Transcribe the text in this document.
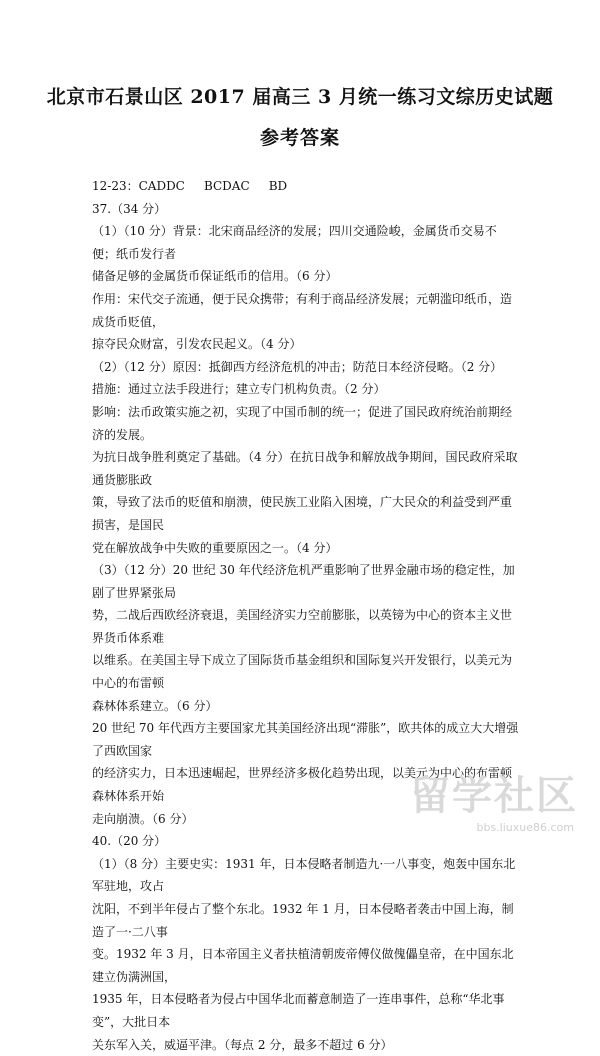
北京市石景山区 2017 届高三 3 月统一练习文综历史试题
参考答案

12-23：CADDC     BCDAC     BD

37.（34 分）

（1）（10 分）背景：北宋商品经济的发展；四川交通险峻，金属货币交易不便；纸币发行者

储备足够的金属货币保证纸币的信用。（6 分）

作用：宋代交子流通，便于民众携带；有利于商品经济发展；元朝滥印纸币，造成货币贬值，

掠夺民众财富，引发农民起义。（4 分）

（2）（12 分）原因：抵御西方经济危机的冲击；防范日本经济侵略。（2 分）

措施：通过立法手段进行；建立专门机构负责。（2 分）

影响：法币政策实施之初，实现了中国币制的统一；促进了国民政府统治前期经济的发展。

为抗日战争胜利奠定了基础。（4 分）在抗日战争和解放战争期间，国民政府采取通货膨胀政

策，导致了法币的贬值和崩溃，使民族工业陷入困境，广大民众的利益受到严重损害，是国民

党在解放战争中失败的重要原因之一。（4 分）

（3）（12 分）20 世纪 30 年代经济危机严重影响了世界金融市场的稳定性，加剧了世界紧张局

势，二战后西欧经济衰退，美国经济实力空前膨胀，以英镑为中心的资本主义世界货币体系难

以维系。在美国主导下成立了国际货币基金组织和国际复兴开发银行，以美元为中心的布雷顿

森林体系建立。（6 分）

20 世纪 70 年代西方主要国家尤其美国经济出现“滞胀”，欧共体的成立大大增强了西欧国家

的经济实力，日本迅速崛起，世界经济多极化趋势出现，以美元为中心的布雷顿森林体系开始

走向崩溃。（6 分）

40.（20 分）

（1）（8 分）主要史实：1931 年，日本侵略者制造九·一八事变，炮轰中国东北军驻地，攻占

沈阳，不到半年侵占了整个东北。1932 年 1 月，日本侵略者袭击中国上海，制造了一·二八事

变。1932 年 3 月，日本帝国主义者扶植清朝废帝傅仪做傀儡皇帝，在中国东北建立伪满洲国，

1935 年，日本侵略者为侵占中国华北而蓄意制造了一连串事件，总称“华北事变”，大批日本

关东军入关，威逼平津。（每点 2 分，最多不超过 6 分）

留学社区
bbs.liuxue86.com
